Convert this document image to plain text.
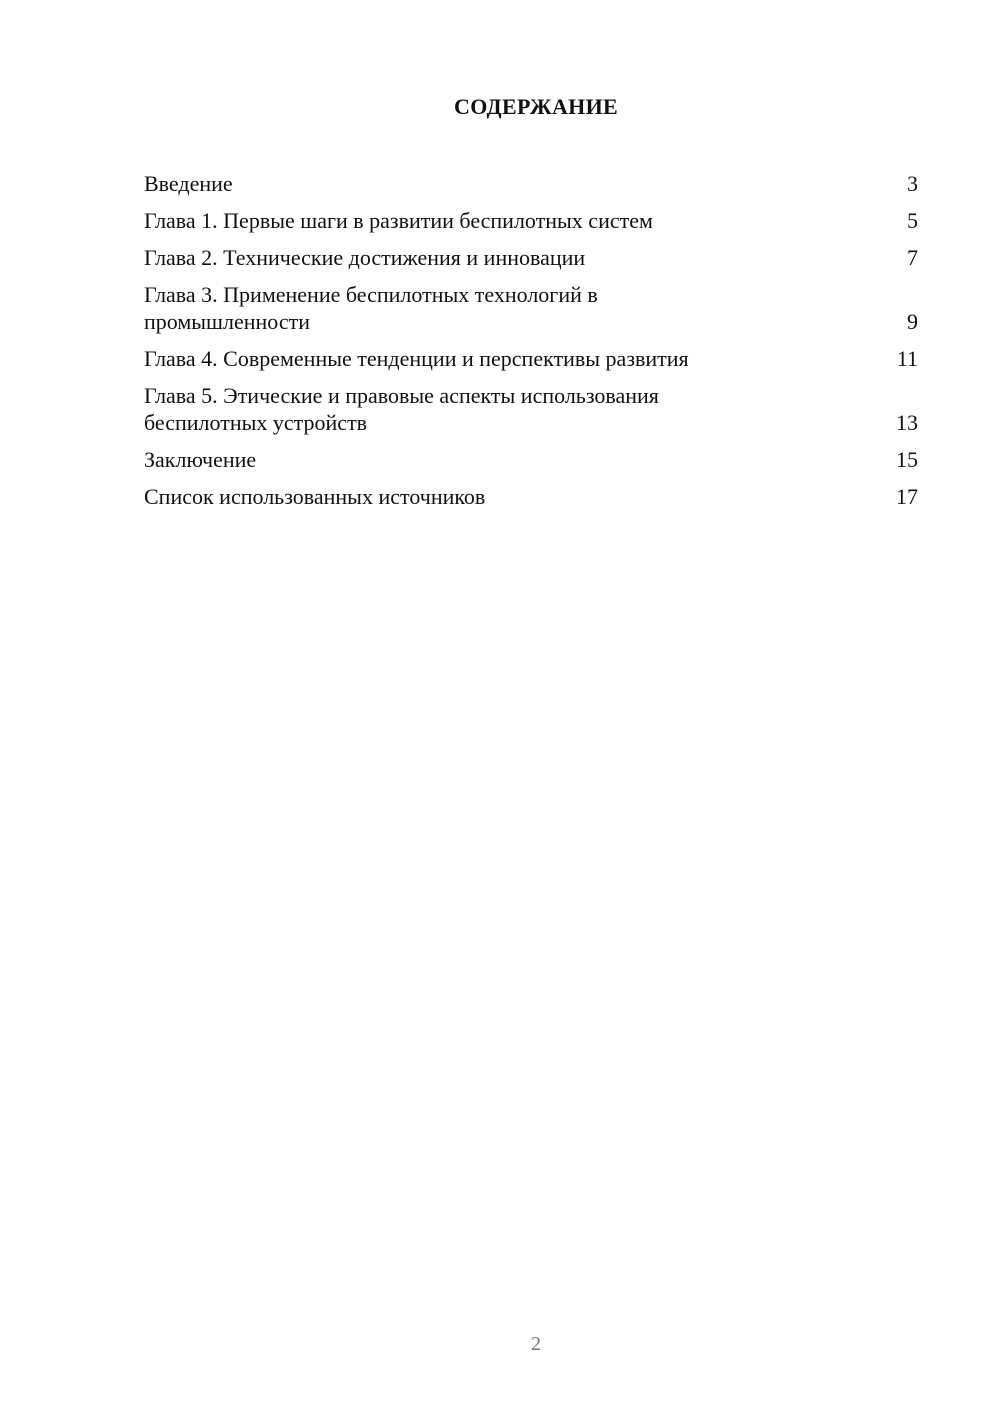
СОДЕРЖАНИЕ
Введение	3
Глава 1. Первые шаги в развитии беспилотных систем	5
Глава 2. Технические достижения и инновации	7
Глава 3. Применение беспилотных технологий в промышленности	9
Глава 4. Современные тенденции и перспективы развития	11
Глава 5. Этические и правовые аспекты использования беспилотных устройств	13
Заключение	15
Список использованных источников	17
2
